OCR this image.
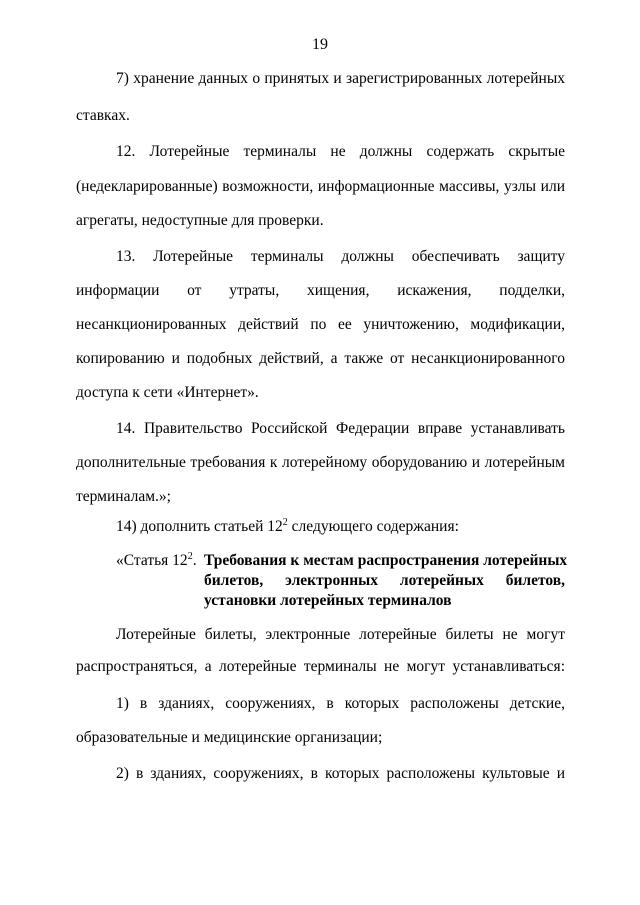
19
7) хранение данных о принятых и зарегистрированных лотерейных
ставках.
12. Лотерейные терминалы не должны содержать скрытые
(недекларированные) возможности, информационные массивы, узлы или
агрегаты, недоступные для проверки.
13. Лотерейные терминалы должны обеспечивать защиту
информации от утраты, хищения, искажения, подделки,
несанкционированных действий по ее уничтожению, модификации,
копированию и подобных действий, а также от несанкционированного
доступа к сети «Интернет».
14. Правительство Российской Федерации вправе устанавливать
дополнительные требования к лотерейному оборудованию и лотерейным
терминалам.»;
14) дополнить статьей $12^2$ следующего содержания:
«Статья $12^2$. Требования к местам распространения лотерейных
билетов, электронных лотерейных билетов,
установки лотерейных терминалов
Лотерейные билеты, электронные лотерейные билеты не могут
распространяться, а лотерейные терминалы не могут устанавливаться:
1) в зданиях, сооружениях, в которых расположены детские,
образовательные и медицинские организации;
2) в зданиях, сооружениях, в которых расположены культовые и
